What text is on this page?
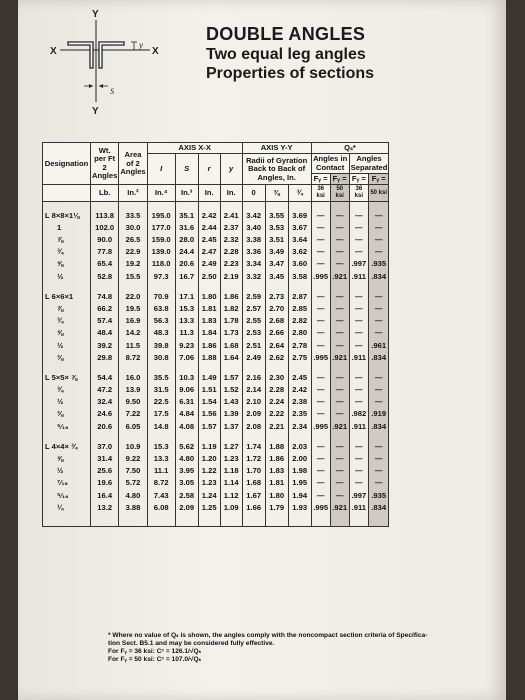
Y
Y
X	X
y
S
DOUBLE ANGLES
Two equal leg angles
Properties of sections
Designation	Wt. per Ft 2 Angles	Area of 2 Angles	AXIS X-X				AXIS Y-Y			Qₛ*			
			I	S	r	y	Radii of Gyration Back to Back of Angles, In.			Angles in Contact		Angles Separated	
										Fᵧ =	Fᵧ =	Fᵧ =	Fᵧ =
	Lb.	In.²	In.⁴	In.³	In.	In.	0	⅜	¾	36 ksi	50 ksi	36 ksi	50 ksi
L 8×8×1⅛	113.8	33.5	195.0	35.1	2.42	2.41	3.42	3.55	3.69	—	—	—	—
1	102.0	30.0	177.0	31.6	2.44	2.37	3.40	3.53	3.67	—	—	—	—
⅞	90.0	26.5	159.0	28.0	2.45	2.32	3.38	3.51	3.64	—	—	—	—
¾	77.8	22.9	139.0	24.4	2.47	2.28	3.36	3.49	3.62	—	—	—	—
⅝	65.4	19.2	118.0	20.6	2.49	2.23	3.34	3.47	3.60	—	—	.997	.935
½	52.8	15.5	97.3	16.7	2.50	2.19	3.32	3.45	3.58	.995	.921	.911	.834
L 6×6×1	74.8	22.0	70.9	17.1	1.80	1.86	2.59	2.73	2.87	—	—	—	—
⅞	66.2	19.5	63.8	15.3	1.81	1.82	2.57	2.70	2.85	—	—	—	—
¾	57.4	16.9	56.3	13.3	1.83	1.78	2.55	2.68	2.82	—	—	—	—
⅝	48.4	14.2	48.3	11.3	1.84	1.73	2.53	2.66	2.80	—	—	—	—
½	39.2	11.5	39.8	9.23	1.86	1.68	2.51	2.64	2.78	—	—	—	.961
⅜	29.8	8.72	30.8	7.06	1.88	1.64	2.49	2.62	2.75	.995	.921	.911	.834
L 5×5× ⅞	54.4	16.0	35.5	10.3	1.49	1.57	2.16	2.30	2.45	—	—	—	—
¾	47.2	13.9	31.5	9.06	1.51	1.52	2.14	2.28	2.42	—	—	—	—
½	32.4	9.50	22.5	6.31	1.54	1.43	2.10	2.24	2.38	—	—	—	—
⅜	24.6	7.22	17.5	4.84	1.56	1.39	2.09	2.22	2.35	—	—	.982	.919
⁵⁄₁₆	20.6	6.05	14.8	4.08	1.57	1.37	2.08	2.21	2.34	.995	.921	.911	.834
L 4×4× ¾	37.0	10.9	15.3	5.62	1.19	1.27	1.74	1.88	2.03	—	—	—	—
⅝	31.4	9.22	13.3	4.80	1.20	1.23	1.72	1.86	2.00	—	—	—	—
½	25.6	7.50	11.1	3.95	1.22	1.18	1.70	1.83	1.98	—	—	—	—
⁷⁄₁₆	19.6	5.72	8.72	3.05	1.23	1.14	1.68	1.81	1.95	—	—	—	—
⁵⁄₁₆	16.4	4.80	7.43	2.58	1.24	1.12	1.67	1.80	1.94	—	—	.997	.935
¼	13.2	3.88	6.08	2.09	1.25	1.09	1.66	1.79	1.93	.995	.921	.911	.834

* Where no value of Qₛ is shown, the angles comply with the noncompact section criteria of Specifica-
tion Sect. B5.1 and may be considered fully effective.
For Fᵧ = 36 ksi: Cᶜ = 126.1/√Qₛ
For Fᵧ = 50 ksi: Cᶜ = 107.0/√Qₛ
